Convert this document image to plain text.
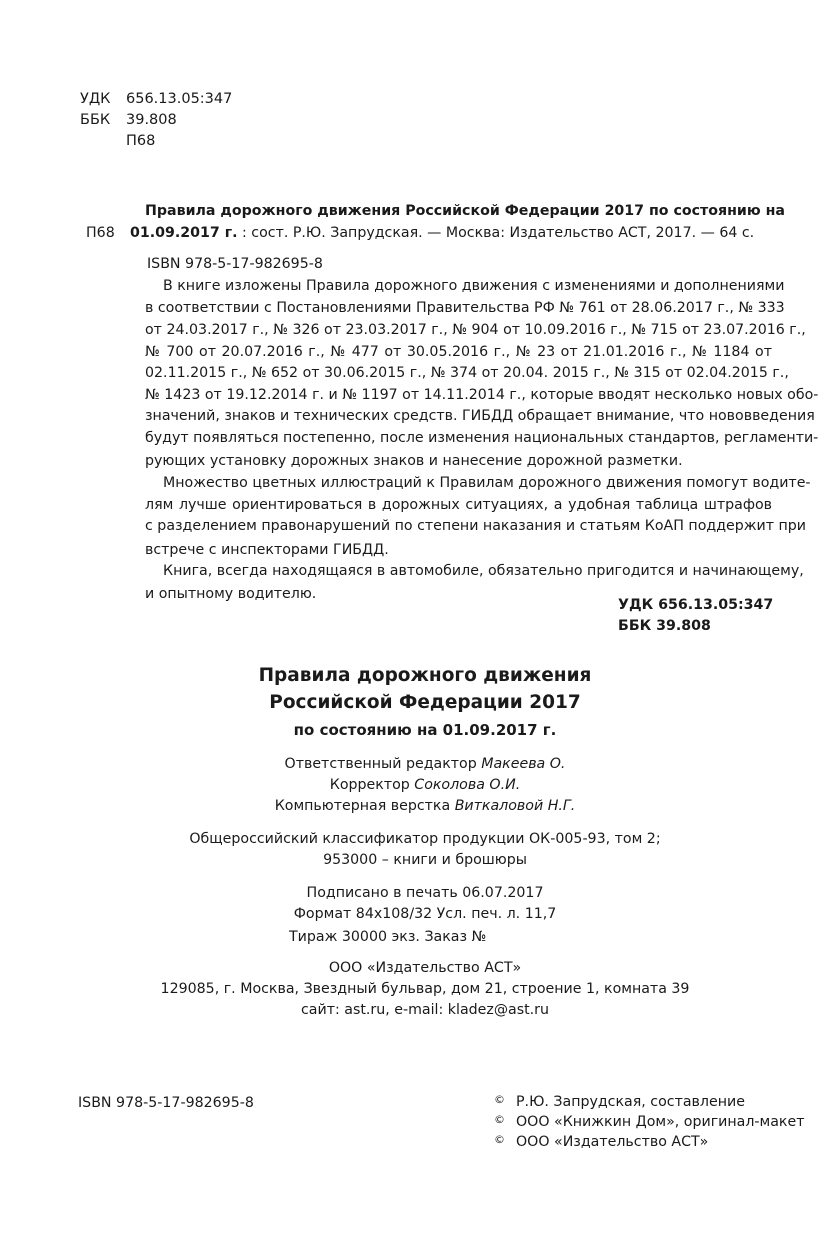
УДК 656.13.05:347
ББК 39.808
П68
Правила дорожного движения Российской Федерации 2017 по состоянию на
П68 01.09.2017 г. : сост. Р.Ю. Запрудская. — Москва: Издательство АСТ, 2017. — 64 с.
ISBN 978-5-17-982695-8
В книге изложены Правила дорожного движения с изменениями и дополнениями
в соответствии с Постановлениями Правительства РФ № 761 от 28.06.2017 г., № 333
от 24.03.2017 г., № 326 от 23.03.2017 г., № 904 от 10.09.2016 г., № 715 от 23.07.2016 г.,
№ 700 от 20.07.2016 г., № 477 от 30.05.2016 г., № 23 от 21.01.2016 г., № 1184 от
02.11.2015 г., № 652 от 30.06.2015 г., № 374 от 20.04. 2015 г., № 315 от 02.04.2015 г.,
№ 1423 от 19.12.2014 г. и № 1197 от 14.11.2014 г., которые вводят несколько новых обо-
значений, знаков и технических средств. ГИБДД обращает внимание, что нововведения
будут появляться постепенно, после изменения национальных стандартов, регламенти-
рующих установку дорожных знаков и нанесение дорожной разметки.
Множество цветных иллюстраций к Правилам дорожного движения помогут водите-
лям лучше ориентироваться в дорожных ситуациях, а удобная таблица штрафов
с разделением правонарушений по степени наказания и статьям КоАП поддержит при
встрече с инспекторами ГИБДД.
Книга, всегда находящаяся в автомобиле, обязательно пригодится и начинающему,
и опытному водителю.
УДК 656.13.05:347
ББК 39.808
Правила дорожного движения
Российской Федерации 2017
по состоянию на 01.09.2017 г.
Ответственный редактор Макеева О.
Корректор Соколова О.И.
Компьютерная верстка Виткаловой Н.Г.
Общероссийский классификатор продукции ОК-005-93, том 2;
953000 – книги и брошюры
Подписано в печать 06.07.2017
Формат 84х108/32 Усл. печ. л. 11,7
Тираж 30000 экз. Заказ №
ООО «Издательство АСТ»
129085, г. Москва, Звездный бульвар, дом 21, строение 1, комната 39
сайт: ast.ru, e-mail: kladez@ast.ru
ISBN 978-5-17-982695-8	© Р.Ю. Запрудская, составление
© ООО «Книжкин Дом», оригинал-макет
© ООО «Издательство АСТ»
